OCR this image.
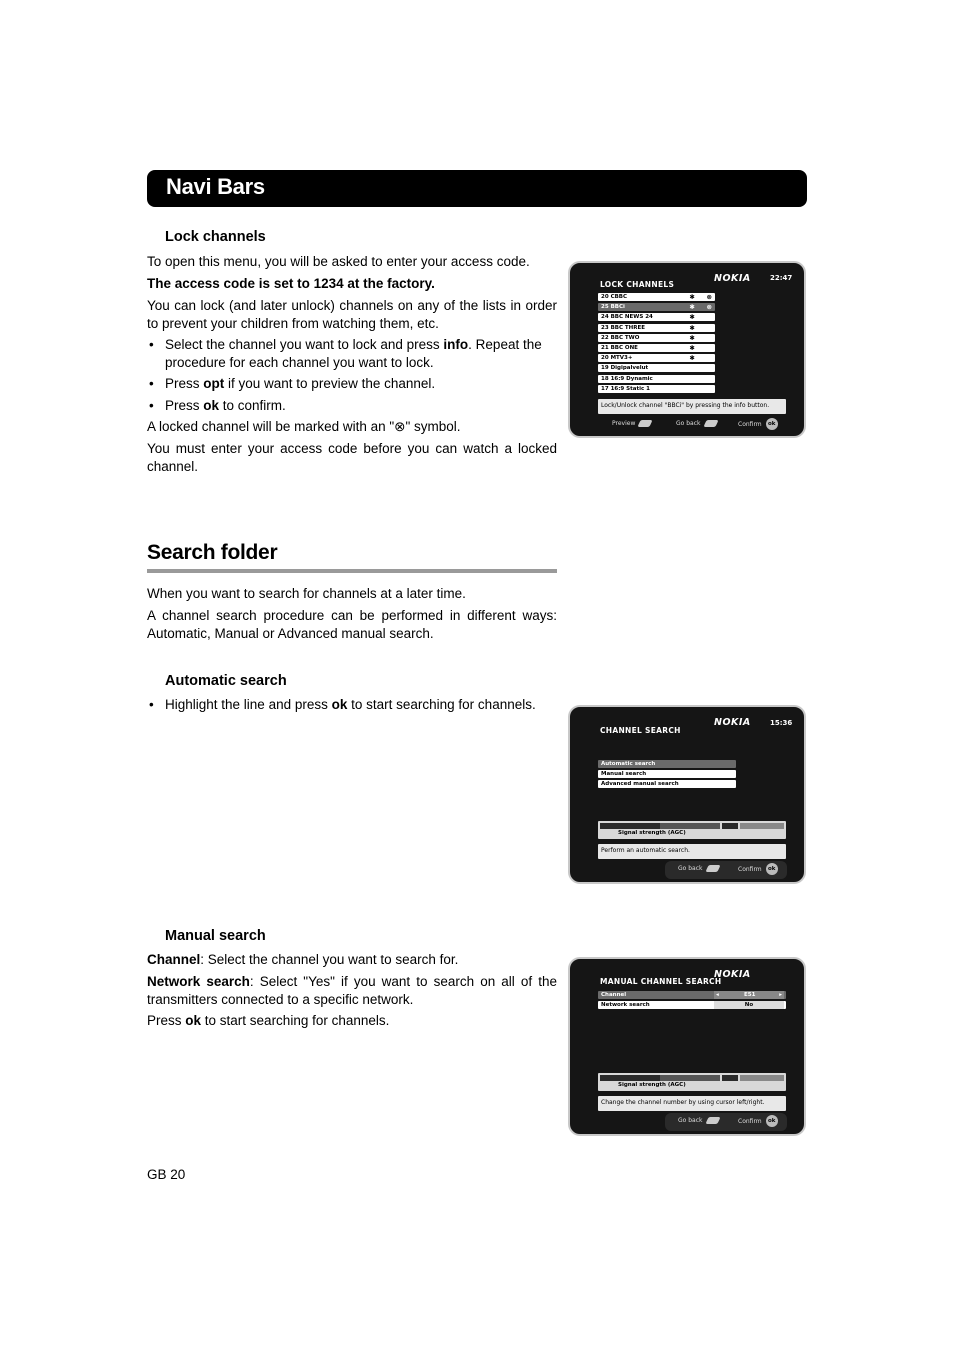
Navi Bars
Lock channels
To open this menu, you will be asked to enter your access code.
The access code is set to 1234 at the factory.
You can lock (and later unlock) channels on any of the lists in order to prevent your children from watching them, etc.
• Select the channel you want to lock and press info. Repeat the procedure for each channel you want to lock.
• Press opt if you want to preview the channel.
• Press ok to confirm.
A locked channel will be marked with an "⊗" symbol.
You must enter your access code before you can watch a locked channel.
LOCK CHANNELS
NOKIA	22:47
20 CBBC	✱ ⊗
25 BBCi	✱ ⊗
24 BBC NEWS 24	✱
23 BBC THREE	✱
22 BBC TWO	✱
21 BBC ONE	✱
20 MTV3+	✱
19 Digipalvelut
18 16:9 Dynamic
17 16:9 Static 1
Lock/Unlock channel "BBCi" by pressing the info button.
Preview	Go back	Confirm	ok
Search folder
When you want to search for channels at a later time.
A channel search procedure can be performed in different ways: Automatic, Manual or Advanced manual search.
Automatic search
• Highlight the line and press ok to start searching for channels.
CHANNEL SEARCH
NOKIA	15:36
Automatic search
Manual search
Advanced manual search
Signal strength (AGC)
Perform an automatic search.
Go back	Confirm	ok
Manual search
Channel: Select the channel you want to search for.
Network search: Select "Yes" if you want to search on all of the transmitters connected to a specific network.
Press ok to start searching for channels.
MANUAL CHANNEL SEARCH
NOKIA
Channel	◂	E51	▸
Network search	No
Signal strength (AGC)
Change the channel number by using cursor left/right.
Go back	Confirm	ok
GB 20
